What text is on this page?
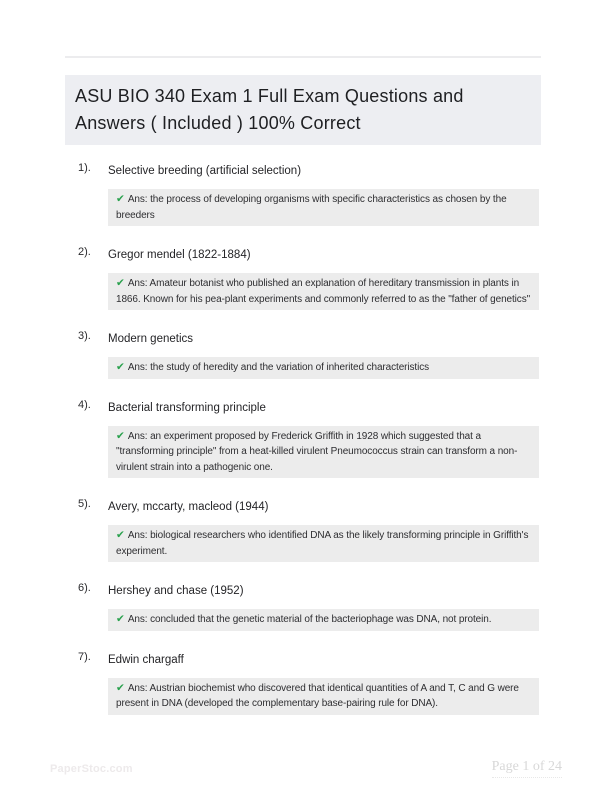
ASU BIO 340 Exam 1 Full Exam Questions and
Answers ( Included ) 100% Correct
1).	Selective breeding (artificial selection)
✔ Ans: the process of developing organisms with specific characteristics as chosen by the breeders
2).	Gregor mendel (1822-1884)
✔ Ans: Amateur botanist who published an explanation of hereditary transmission in plants in 1866. Known for his pea-plant experiments and commonly referred to as the "father of genetics"
3).	Modern genetics
✔ Ans: the study of heredity and the variation of inherited characteristics
4).	Bacterial transforming principle
✔ Ans: an experiment proposed by Frederick Griffith in 1928 which suggested that a "transforming principle" from a heat-killed virulent Pneumococcus strain can transform a non-virulent strain into a pathogenic one.
5).	Avery, mccarty, macleod (1944)
✔ Ans: biological researchers who identified DNA as the likely transforming principle in Griffith's experiment.
6).	Hershey and chase (1952)
✔ Ans: concluded that the genetic material of the bacteriophage was DNA, not protein.
7).	Edwin chargaff
✔ Ans: Austrian biochemist who discovered that identical quantities of A and T, C and G were present in DNA (developed the complementary base-pairing rule for DNA).
PaperStoc.com	Page 1 of 24
